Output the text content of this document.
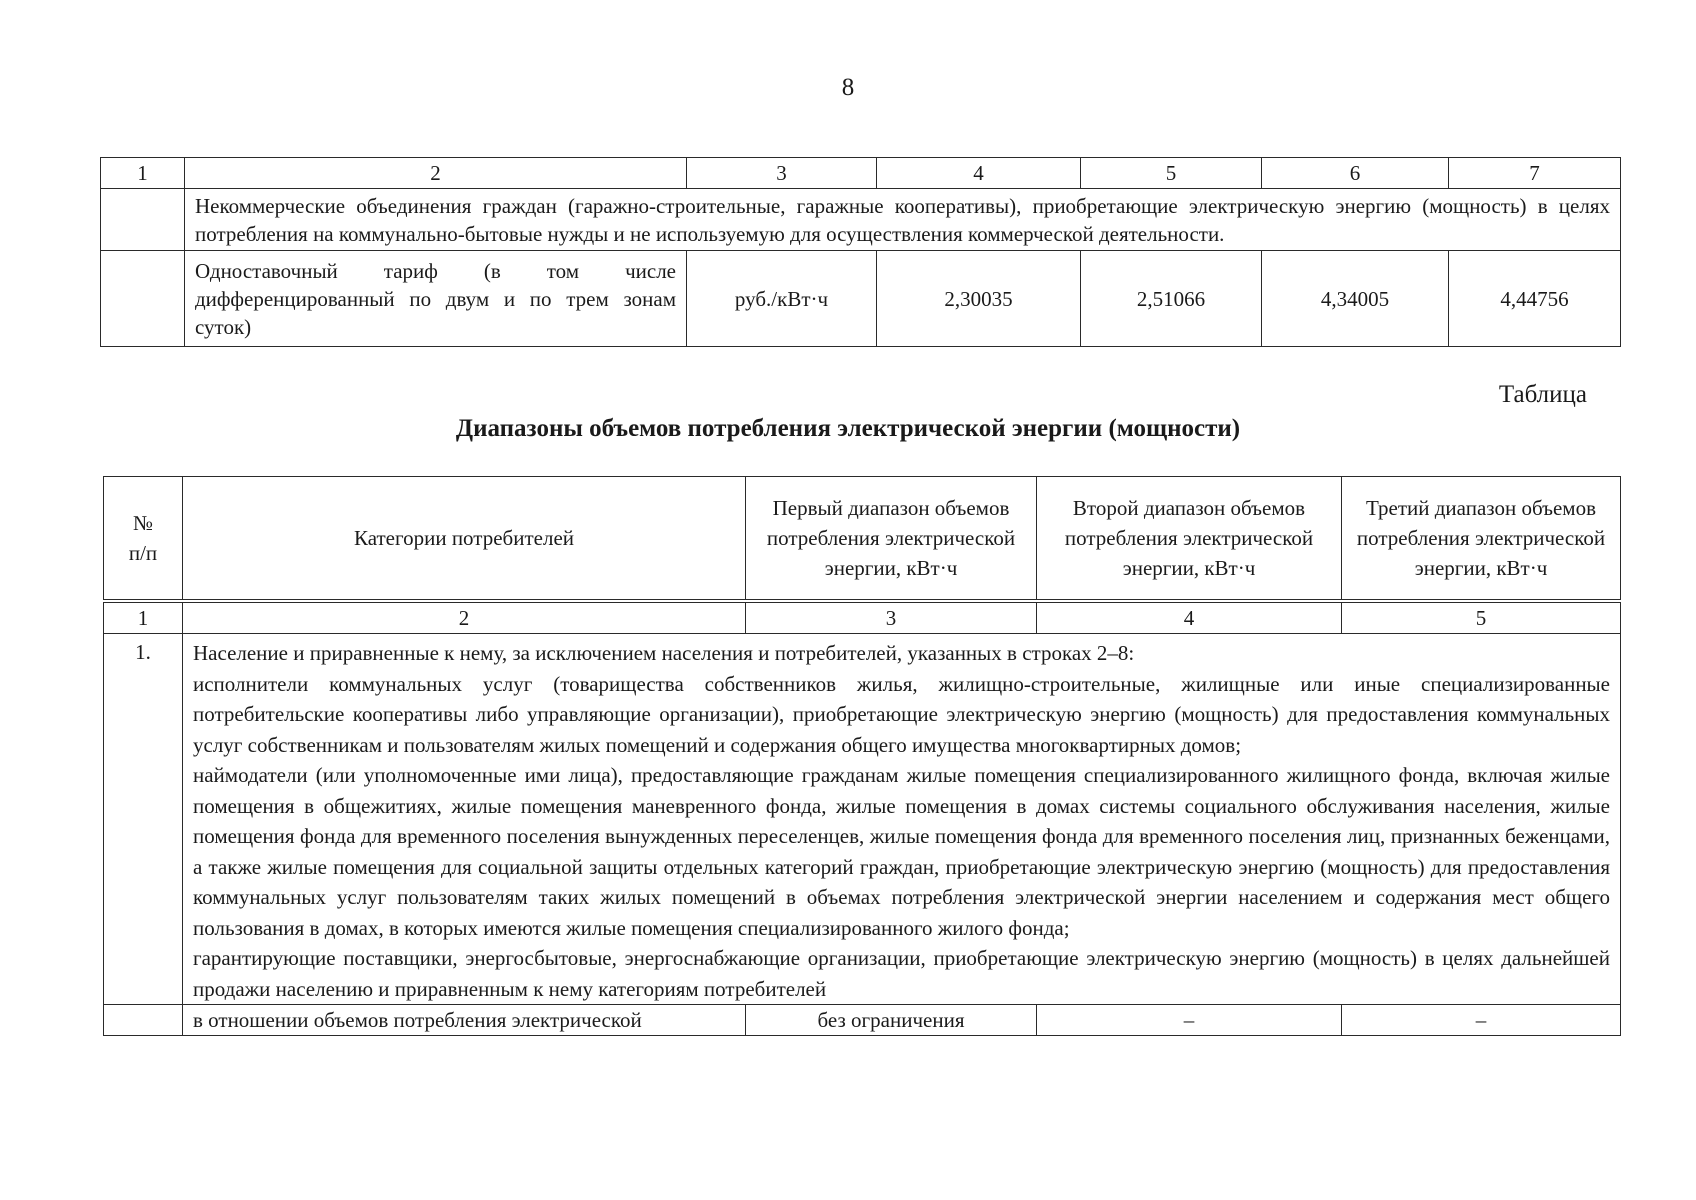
8
1	2	3	4	5	6	7
	Некоммерческие объединения граждан (гаражно-строительные, гаражные кооперативы), приобретающие электрическую энергию (мощность) в целях потребления на коммунально-бытовые нужды и не используемую для осуществления коммерческой деятельности.					
	Одноставочный тариф (в том числе дифференцированный по двум и по трем зонам суток)	руб./кВт·ч	2,30035	2,51066	4,34005	4,44756
Таблица
Диапазоны объемов потребления электрической энергии (мощности)
№
п/п	Категории потребителей	Первый диапазон объемов потребления электрической энергии, кВт·ч	Второй диапазон объемов потребления электрической энергии, кВт·ч	Третий диапазон объемов потребления электрической энергии, кВт·ч
1	2	3	4	5
1.	Население и приравненные к нему, за исключением населения и потребителей, указанных в строках 2–8:
исполнители коммунальных услуг (товарищества собственников жилья, жилищно-строительные, жилищные или иные специализированные потребительские кооперативы либо управляющие организации), приобретающие электрическую энергию (мощность) для предоставления коммунальных услуг собственникам и пользователям жилых помещений и содержания общего имущества многоквартирных домов;
наймодатели (или уполномоченные ими лица), предоставляющие гражданам жилые помещения специализированного жилищного фонда, включая жилые помещения в общежитиях, жилые помещения маневренного фонда, жилые помещения в домах системы социального обслуживания населения, жилые помещения фонда для временного поселения вынужденных переселенцев, жилые помещения фонда для временного поселения лиц, признанных беженцами, а также жилые помещения для социальной защиты отдельных категорий граждан, приобретающие электрическую энергию (мощность) для предоставления коммунальных услуг пользователям таких жилых помещений в объемах потребления электрической энергии населением и содержания мест общего пользования в домах, в которых имеются жилые помещения специализированного жилого фонда;
гарантирующие поставщики, энергосбытовые, энергоснабжающие организации, приобретающие электрическую энергию (мощность) в целях дальнейшей продажи населению и приравненным к нему категориям потребителей			

	в отношении объемов потребления электрической	без ограничения	–	–
